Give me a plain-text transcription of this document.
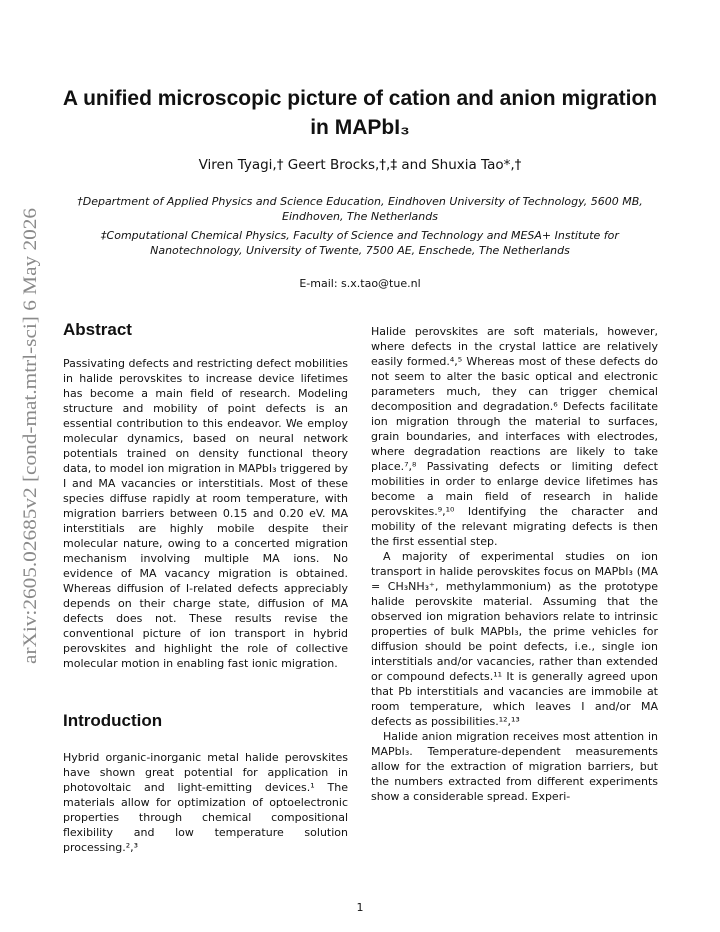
arXiv:2605.02685v2 [cond-mat.mtrl-sci] 6 May 2026
A unified microscopic picture of cation and anion migration in MAPbI₃
Viren Tyagi,† Geert Brocks,†,‡ and Shuxia Tao*,†
†Department of Applied Physics and Science Education, Eindhoven University of Technology, 5600 MB, Eindhoven, The Netherlands
‡Computational Chemical Physics, Faculty of Science and Technology and MESA+ Institute for Nanotechnology, University of Twente, 7500 AE, Enschede, The Netherlands
E-mail: s.x.tao@tue.nl
Abstract

Passivating defects and restricting defect mobilities in halide perovskites to increase device lifetimes has become a main field of research. Modeling structure and mobility of point defects is an essential contribution to this endeavor. We employ molecular dynamics, based on neural network potentials trained on density functional theory data, to model ion migration in MAPbI₃ triggered by I and MA vacancies or interstitials. Most of these species diffuse rapidly at room temperature, with migration barriers between 0.15 and 0.20 eV. MA interstitials are highly mobile despite their molecular nature, owing to a concerted migration mechanism involving multiple MA ions. No evidence of MA vacancy migration is obtained. Whereas diffusion of I-related defects appreciably depends on their charge state, diffusion of MA defects does not. These results revise the conventional picture of ion transport in hybrid perovskites and highlight the role of collective molecular motion in enabling fast ionic migration.

Introduction

Hybrid organic-inorganic metal halide perovskites have shown great potential for application in photovoltaic and light-emitting devices.¹ The materials allow for optimization of optoelectronic properties through chemical compositional flexibility and low temperature solution processing.²,³

Halide perovskites are soft materials, however, where defects in the crystal lattice are relatively easily formed.⁴,⁵ Whereas most of these defects do not seem to alter the basic optical and electronic parameters much, they can trigger chemical decomposition and degradation.⁶ Defects facilitate ion migration through the material to surfaces, grain boundaries, and interfaces with electrodes, where degradation reactions are likely to take place.⁷,⁸ Passivating defects or limiting defect mobilities in order to enlarge device lifetimes has become a main field of research in halide perovskites.⁹,¹⁰ Identifying the character and mobility of the relevant migrating defects is then the first essential step.

A majority of experimental studies on ion transport in halide perovskites focus on MAPbI₃ (MA = CH₃NH₃⁺, methylammonium) as the prototype halide perovskite material. Assuming that the observed ion migration behaviors relate to intrinsic properties of bulk MAPbI₃, the prime vehicles for diffusion should be point defects, i.e., single ion interstitials and/or vacancies, rather than extended or compound defects.¹¹ It is generally agreed upon that Pb interstitials and vacancies are immobile at room temperature, which leaves I and/or MA defects as possibilities.¹²,¹³

Halide anion migration receives most attention in MAPbI₃. Temperature-dependent measurements allow for the extraction of migration barriers, but the numbers extracted from different experiments show a considerable spread. Experi-

1
